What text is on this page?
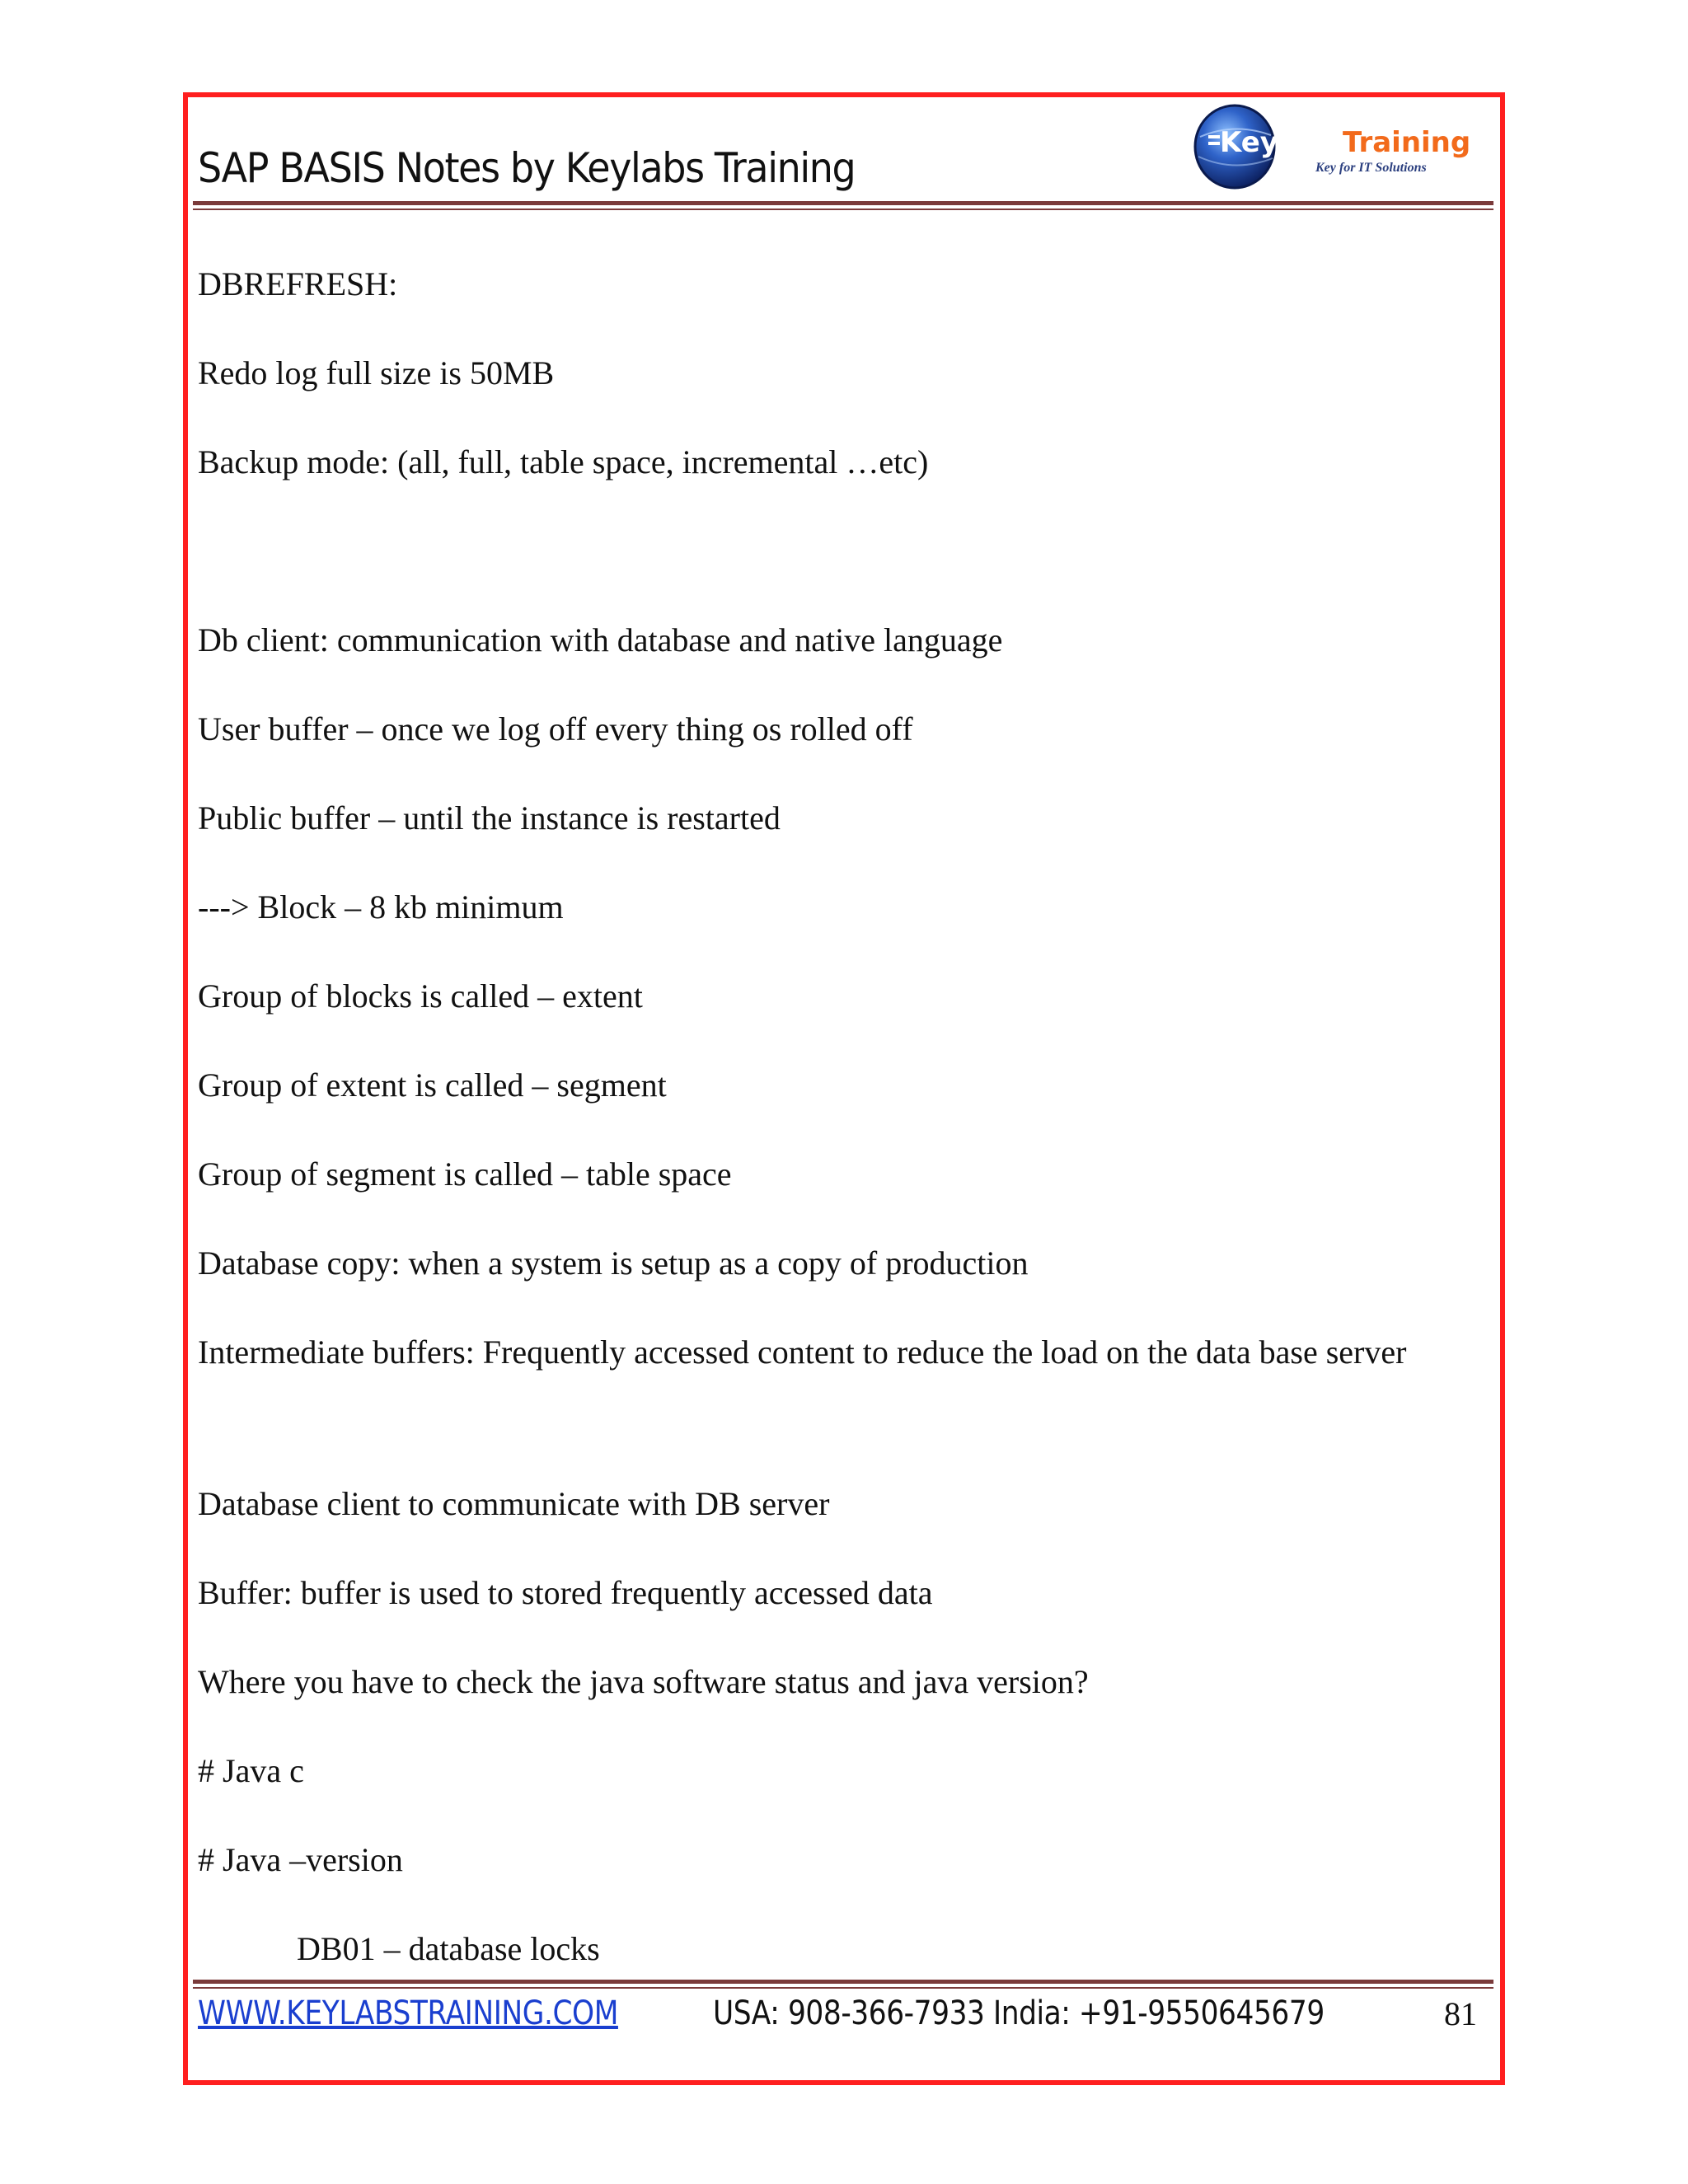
SAP BASIS Notes by Keylabs Training
Keylabs
Training
Key for IT Solutions
DBREFRESH:
Redo log full size is 50MB
Backup mode: (all, full, table space, incremental …etc)
Db client: communication with database and native language
User buffer – once we log off every thing os rolled off
Public buffer – until the instance is restarted
---> Block – 8 kb minimum
Group of blocks is called – extent
Group of extent is called – segment
Group of segment is called – table space
Database copy: when a system is setup as a copy of production
Intermediate buffers: Frequently accessed content to reduce the load on the data base server
Database client to communicate with DB server
Buffer: buffer is used to stored frequently accessed data
Where you have to check the java software status and java version?
# Java c
# Java –version
DB01 – database locks
WWW.KEYLABSTRAINING.COM	USA: 908-366-7933 India: +91-9550645679	81
